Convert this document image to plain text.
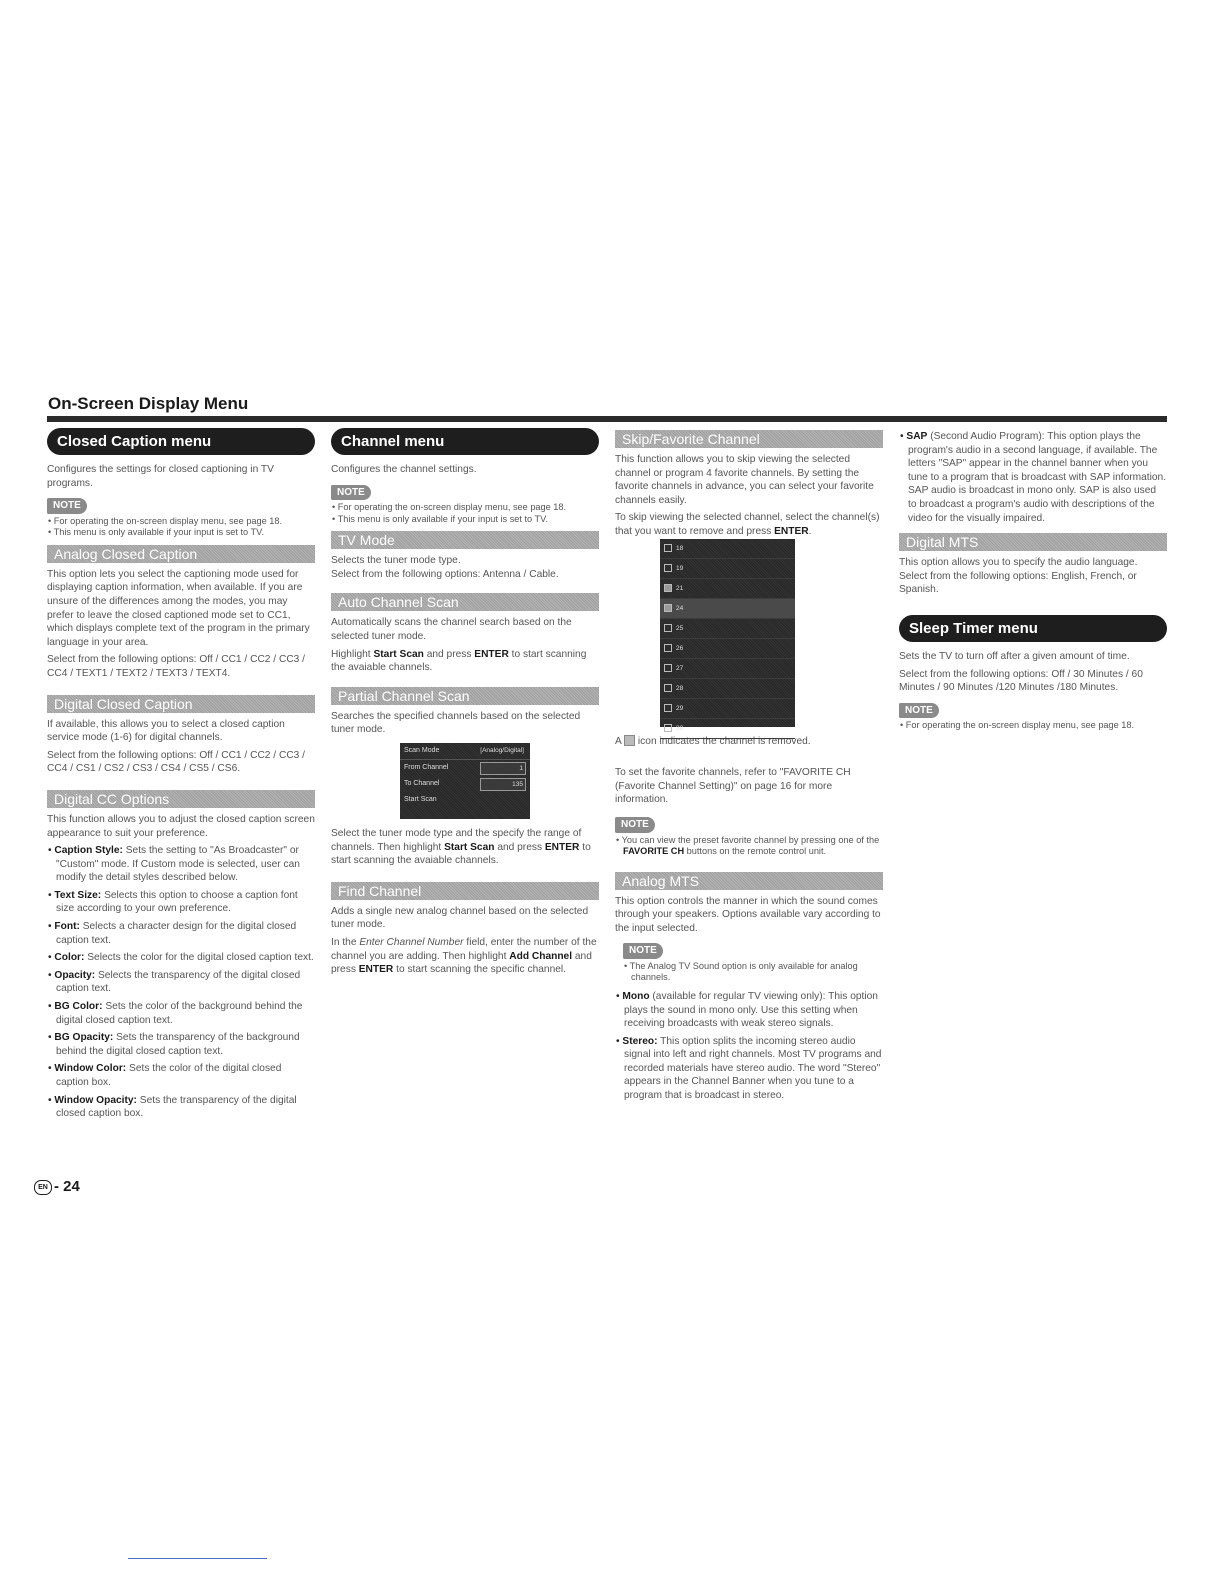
On-Screen Display Menu
Closed Caption menu

Configures the settings for closed captioning in TV programs.

NOTE
• For operating the on-screen display menu, see page 18.
• This menu is only available if your input is set to TV.
Analog Closed Caption

This option lets you select the captioning mode used for displaying caption information, when available. If you are unsure of the differences among the modes, you may prefer to leave the closed captioned mode set to CC1, which displays complete text of the program in the primary language in your area.

Select from the following options: Off / CC1 / CC2 / CC3 / CC4 / TEXT1 / TEXT2 / TEXT3 / TEXT4.

Digital Closed Caption

If available, this allows you to select a closed caption service mode (1-6) for digital channels.

Select from the following options: Off / CC1 / CC2 / CC3 / CC4 / CS1 / CS2 / CS3 / CS4 / CS5 / CS6.

Digital CC Options

This function allows you to adjust the closed caption screen appearance to suit your preference.

• Caption Style: Sets the setting to "As Broadcaster" or "Custom" mode. If Custom mode is selected, user can modify the detail styles described below.
• Text Size: Selects this option to choose a caption font size according to your own preference.
• Font: Selects a character design for the digital closed caption text.
• Color: Selects the color for the digital closed caption text.
• Opacity: Selects the transparency of the digital closed caption text.
• BG Color: Sets the color of the background behind the digital closed caption text.
• BG Opacity: Sets the transparency of the background behind the digital closed caption text.
• Window Color: Sets the color of the digital closed caption box.
• Window Opacity: Sets the transparency of the digital closed caption box.
Channel menu

Configures the channel settings.

NOTE
• For operating the on-screen display menu, see page 18.
• This menu is only available if your input is set to TV.
TV Mode

Selects the tuner mode type.

Select from the following options: Antenna / Cable.

Auto Channel Scan

Automatically scans the channel search based on the selected tuner mode.

Highlight Start Scan and press ENTER to start scanning the avaiable channels.

Partial Channel Scan

Searches the specified channels based on the selected tuner mode.

Scan Mode	[Analog/Digital]
From Channel	1
To Channel	135
Start Scan

Select the tuner mode type and the specify the range of channels. Then highlight Start Scan and press ENTER to start scanning the avaiable channels.

Find Channel

Adds a single new analog channel based on the selected tuner mode.

In the Enter Channel Number field, enter the number of the channel you are adding. Then highlight Add Channel and press ENTER to start scanning the specific channel.

Skip/Favorite Channel

This function allows you to skip viewing the selected channel or program 4 favorite channels. By setting the favorite channels in advance, you can select your favorite channels easily.

To skip viewing the selected channel, select the channel(s) that you want to remove and press ENTER.

18
19
21
24
25
26
27
28
29
30

A icon indicates the channel is removed.

To set the favorite channels, refer to "FAVORITE CH (Favorite Channel Setting)" on page 16 for more information.

NOTE
• You can view the preset favorite channel by pressing one of the FAVORITE CH buttons on the remote control unit.
Analog MTS

This option controls the manner in which the sound comes through your speakers. Options available vary according to the input selected.

NOTE
• The Analog TV Sound option is only available for analog channels.
• Mono (available for regular TV viewing only): This option plays the sound in mono only. Use this setting when receiving broadcasts with weak stereo signals.
• Stereo: This option splits the incoming stereo audio signal into left and right channels. Most TV programs and recorded materials have stereo audio. The word "Stereo" appears in the Channel Banner when you tune to a program that is broadcast in stereo.
• SAP (Second Audio Program): This option plays the program's audio in a second language, if available. The letters "SAP" appear in the channel banner when you tune to a program that is broadcast with SAP information. SAP audio is broadcast in mono only. SAP is also used to broadcast a program's audio with descriptions of the video for the visually impaired.
Digital MTS

This option allows you to specify the audio language. Select from the following options: English, French, or Spanish.

Sleep Timer menu

Sets the TV to turn off after a given amount of time.

Select from the following options: Off / 30 Minutes / 60 Minutes / 90 Minutes /120 Minutes /180 Minutes.

NOTE
• For operating the on-screen display menu, see page 18.
EN - 24
